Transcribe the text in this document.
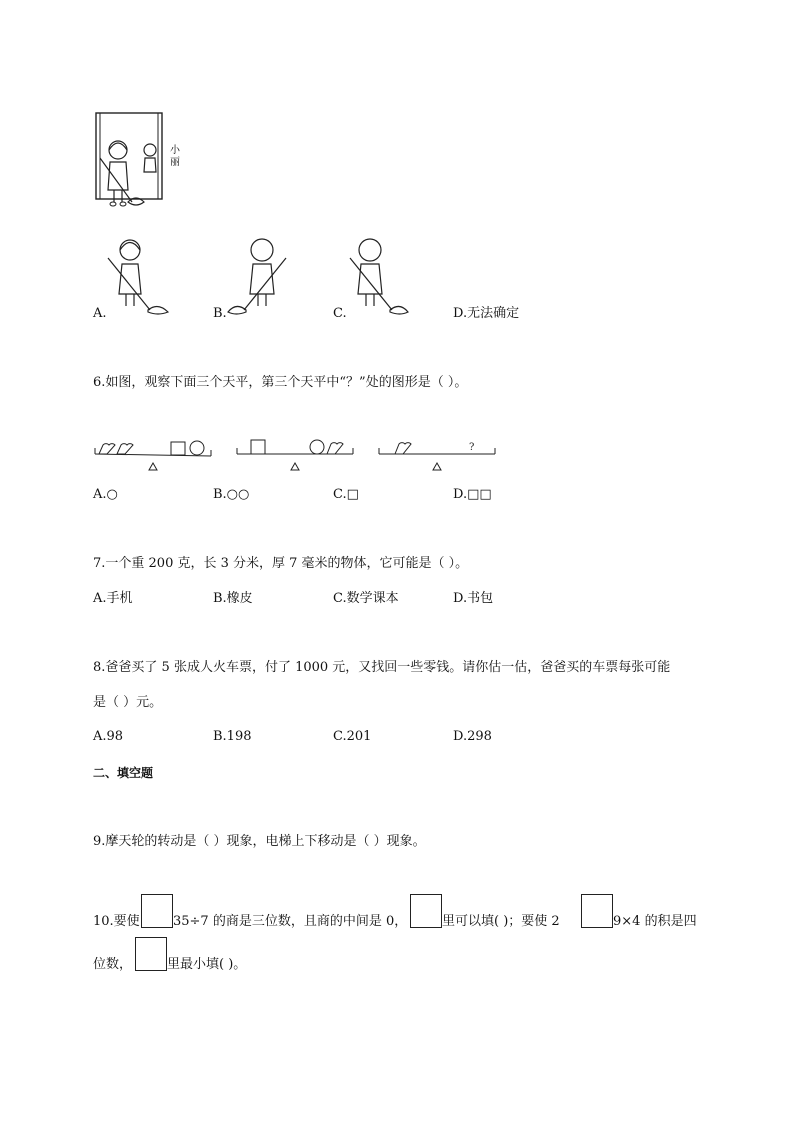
小丽
A.	B.	C.	D.无法确定
6.如图，观察下面三个天平，第三个天平中“？”处的图形是（ ）。
?
A.○	B.○○	C.□	D.□□
7.一个重 200 克，长 3 分米，厚 7 毫米的物体，它可能是（ ）。
A.手机	B.橡皮	C.数学课本	D.书包
8.爸爸买了 5 张成人火车票，付了 1000 元，又找回一些零钱。请你估一估，爸爸买的车票每张可能
是（ ）元。
A.98	B.198	C.201	D.298
二、填空题
9.摩天轮的转动是（ ）现象，电梯上下移动是（ ）现象。
10.要使	35÷7 的商是三位数，且商的中间是 0，	里可以填( )；要使 2	9×4 的积是四
位数，	里最小填( )。
